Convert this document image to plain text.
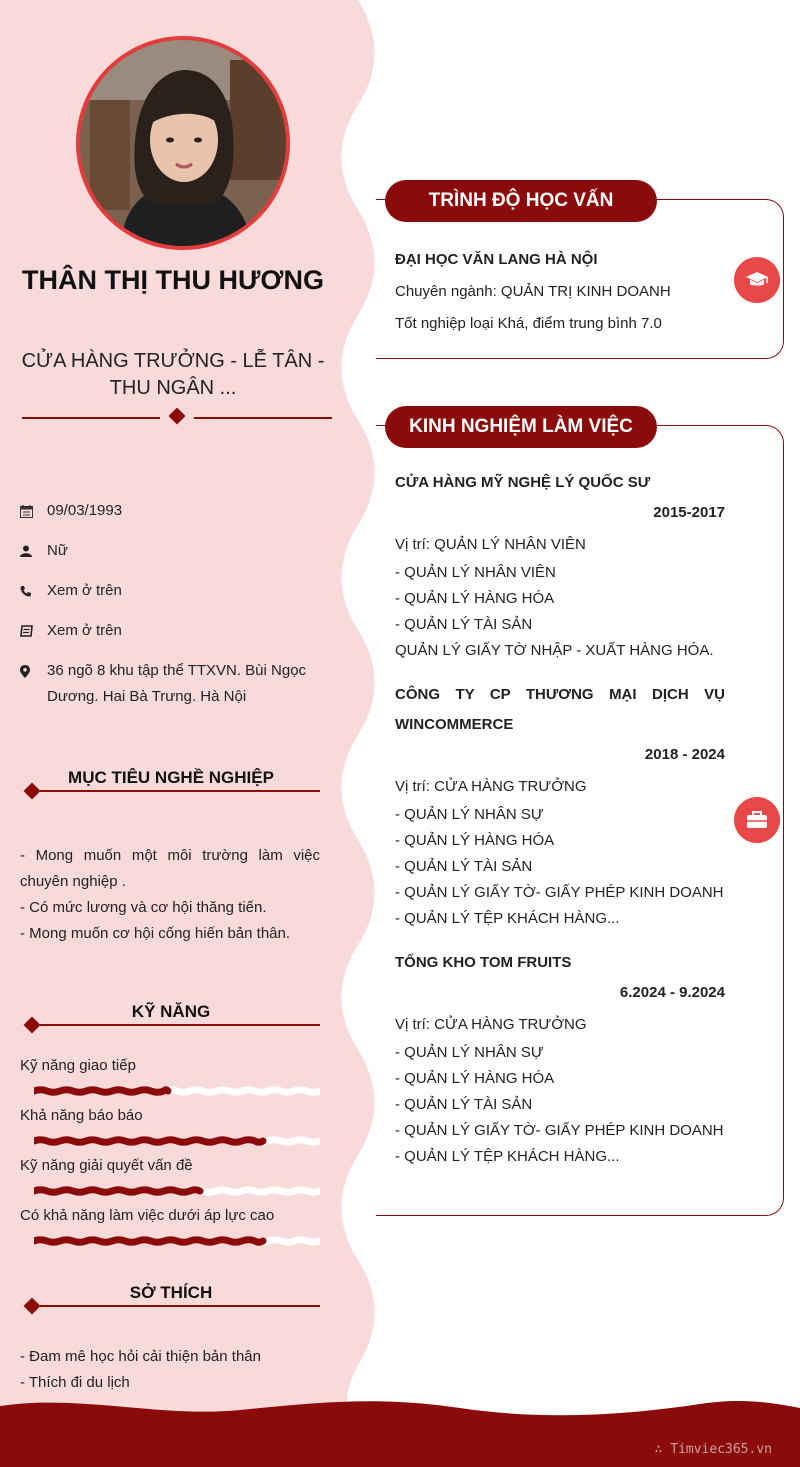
THÂN THỊ THU HƯƠNG
CỬA HÀNG TRƯỞNG - LỄ TÂN - THU NGÂN ...
09/03/1993
Nữ
Xem ở trên
Xem ở trên
36 ngõ 8 khu tập thể TTXVN. Bùi Ngọc Dương. Hai Bà Trưng. Hà Nội
MỤC TIÊU NGHỀ NGHIỆP

- Mong muốn một môi trường làm việc chuyên nghiệp .

- Có mức lương và cơ hội thăng tiến.

- Mong muốn cơ hội cống hiến bản thân.

KỸ NĂNG
Kỹ năng giao tiếp
Khả năng báo báo
Kỹ năng giải quyết vấn đề
Có khả năng làm việc dưới áp lực cao
SỞ THÍCH
- Đam mê học hỏi cải thiện bản thân
- Thích đi du lịch
TRÌNH ĐỘ HỌC VẤN
ĐẠI HỌC VĂN LANG HÀ NỘI
Chuyên ngành: QUẢN TRỊ KINH DOANH
Tốt nghiệp loại Khá, điểm trung bình 7.0
KINH NGHIỆM LÀM VIỆC
CỬA HÀNG MỸ NGHỆ LÝ QUỐC SƯ
2015-2017
Vị trí: QUẢN LÝ NHÂN VIÊN
- QUẢN LÝ NHÂN VIÊN
- QUẢN LÝ HÀNG HÓA
- QUẢN LÝ TÀI SẢN
QUẢN LÝ GIẤY TỜ NHẬP - XUẤT HÀNG HÓA.
CÔNG TY CP THƯƠNG MẠI DỊCH VỤ WINCOMMERCE
2018 - 2024
Vị trí: CỬA HÀNG TRƯỞNG
- QUẢN LÝ NHÂN SỰ
- QUẢN LÝ HÀNG HÓA
- QUẢN LÝ TÀI SẢN
- QUẢN LÝ GIẤY TỜ- GIẤY PHÉP KINH DOANH
- QUẢN LÝ TỆP KHÁCH HÀNG...
TỔNG KHO TOM FRUITS
6.2024 - 9.2024
Vị trí: CỬA HÀNG TRƯỞNG
- QUẢN LÝ NHÂN SỰ
- QUẢN LÝ HÀNG HÓA
- QUẢN LÝ TÀI SẢN
- QUẢN LÝ GIẤY TỜ- GIẤY PHÉP KINH DOANH
- QUẢN LÝ TỆP KHÁCH HÀNG...
∴ Timviec365.vn
